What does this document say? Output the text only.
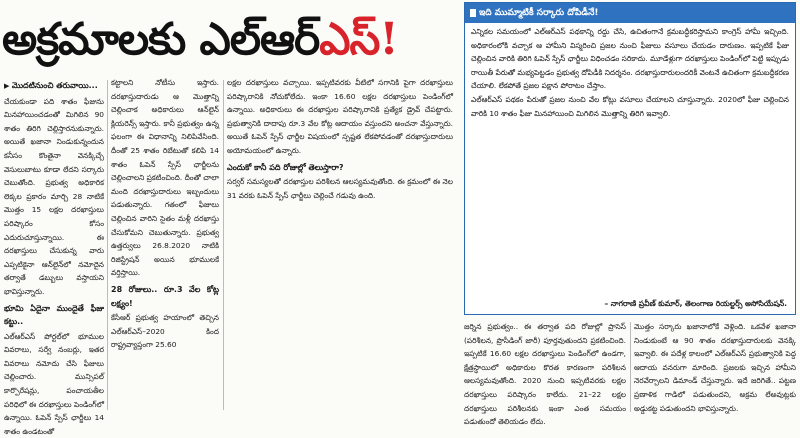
అక్రమాలకు ఎల్‌ఆర్‌ఎస్!
▶ మొదటినుంచి తరువాయి...

చేయకుండా పది శాతం ఫీజును మినహాయించడంతో మిగిలిన 90 శాతం తిరిగి చెల్లిస్తారనుకున్నారు. అయితే ఖజానా నిండుకున్నందున కనీసం కొంతైనా వెనక్కిచ్చే వెసులుబాటు కూడా లేదని సర్కారు చెబుతోంది. ప్రభుత్వ అధికారిక లెక్కల ప్రకారం మార్చి 28 నాటికే మొత్తం 15 లక్షల దరఖాస్తులు పరిష్కారం కోసం ఎదురుచూస్తున్నాయి. ఈ దరఖాస్తులు చేసుకున్న వారు ఎప్పటికైనా ఆన్‌లైన్‌లో నమోదైన తర్వాతే డబ్బులు వస్తాయని భావిస్తున్నారు.

భూమి ఏదైనా ముందైతే ఫీజు కట్టు..

ఎల్‌ఆర్‌ఎస్ పోర్టల్‌లో భూముల వివరాలు, సర్వే నంబర్లు, ఇతర వివరాలు నమోదు చేసి ఫీజులు చెల్లించారు. మున్సిపల్ కార్పొరేషన్లు, పంచాయతీల పరిధిలో ఈ దరఖాస్తులు పెండింగ్‌లో ఉన్నాయి. ఓపెన్ స్పేస్ ఛార్జీలు 14 శాతం ఉండటంతో

కట్టాలని నోటీసు ఇస్తారు. దరఖాస్తుదారుడు ఆ మొత్తాన్ని చెల్లించాక అధికారులు ఆన్‌లైన్ క్లియరెన్స్ ఇస్తారు. కానీ ప్రభుత్వం ఉన్న ఫలంగా ఈ విధానాన్ని నిలిపివేసింది. దీంతో 25 శాతం రిబేటుతో కలిపి 14 శాతం ఓపెన్ స్పేస్ ఛార్జీలను చెల్లించాలని ప్రకటించింది. దీంతో చాలా మంది దరఖాస్తుదారులు ఇబ్బందులు పడుతున్నారు. గతంలో ఫీజులు చెల్లించిన వారిని సైతం మళ్లీ దరఖాస్తు చేసుకోమని చెబుతున్నారు. ప్రభుత్వ ఉత్తర్వులు 26.8.2020 నాటికి రిజిస్ట్రేషన్ అయిన భూములకే వర్తిస్తాయి.

28 రోజులు.. రూ.3 వేల కోట్ల లక్ష్యం!

కేసీఆర్ ప్రభుత్వ హయాంలో తెచ్చిన ఎల్‌ఆర్‌ఎస్–2020 కింద రాష్ట్రవ్యాప్తంగా 25.60

లక్షల దరఖాస్తులు వచ్చాయి. ఇప్పటివరకు వీటిలో సగానికి పైగా దరఖాస్తులు పరిష్కారానికి నోచుకోలేదు. ఇంకా 16.60 లక్షల దరఖాస్తులు పెండింగ్‌లో ఉన్నాయి. అధికారులు ఈ దరఖాస్తుల పరిష్కారానికి ప్రత్యేక డ్రైవ్ చేపట్టారు. ప్రభుత్వానికి దాదాపు రూ.3 వేల కోట్ల ఆదాయం వస్తుందని అంచనా వేస్తున్నారు. అయితే ఓపెన్ స్పేస్ ఛార్జీల విషయంలో స్పష్టత లేకపోవడంతో దరఖాస్తుదారులు అయోమయంలో ఉన్నారు.

ఎందుకో కానీ పది రోజుల్లో తెలుస్తారా?

సర్వర్ సమస్యలతో దరఖాస్తుల పరిశీలన ఆలస్యమవుతోంది. ఈ క్రమంలో ఈ నెల 31 వరకు ఓపెన్ స్పేస్ ఛార్జీలు చెల్లించే గడువు ఉంది.

ఇది ముమ్మాటికీ సర్కారు దోపిడీనే!

ఎన్నికల సమయంలో ఎల్‌ఆర్‌ఎస్ పథకాన్ని రద్దు చేసి, ఉచితంగానే క్రమబద్ధీకరిస్తామని కాంగ్రెస్ హామీ ఇచ్చింది. అధికారంలోకి వచ్చాక ఆ హామీని విస్మరించి ప్రజల నుంచి ఫీజులు వసూలు చేయడం దారుణం. ఇప్పటికే ఫీజు చెల్లించిన వారికి తిరిగి ఓపెన్ స్పేస్ ఛార్జీలు విధించడం సరికాదు. మూడేళ్లుగా దరఖాస్తులు పెండింగ్‌లో పెట్టి ఇప్పుడు రాయితీ పేరుతో మభ్యపెట్టడం ప్రభుత్వ దోపిడీకి నిదర్శనం. దరఖాస్తుదారులందరికీ వెంటనే ఉచితంగా క్రమబద్ధీకరణ చేయాలి. లేకపోతే ప్రజల పక్షాన పోరాటం చేస్తాం.

ఎల్‌ఆర్‌ఎస్ పథకం పేరుతో ప్రజల నుంచి వేల కోట్లు వసూలు చేయాలని చూస్తున్నారు. 2020లో ఫీజు చెల్లించిన వారికి 10 శాతం ఫీజు మినహాయించి మిగిలిన మొత్తాన్ని తిరిగి ఇవ్వాలి.

– నాగరాణి ప్రవీణ్ కుమార్, తెలంగాణ రియల్టర్స్ అసోసియేషన్.

జర్నిన ప్రభుత్వం.. ఈ తర్వాత పది రోజుల్లో ప్రాసెస్ (పరిశీలన, ప్రొసీడింగ్ జారీ) పూర్తవుతుందని ప్రకటించింది. ఇప్పటికే 16.60 లక్షల దరఖాస్తులు పెండింగ్‌లో ఉండగా, క్షేత్రస్థాయిలో అధికారుల కొరత కారణంగా పరిశీలన ఆలస్యమవుతోంది. 2020 నుంచి ఇప్పటివరకు లక్షల దరఖాస్తులు పరిష్కారం కాలేదు. 21–22 లక్షల దరఖాస్తులు పరిశీలనకు ఇంకా ఎంత సమయం పడుతుందో తెలియడం లేదు.

మొత్తం సర్కారు ఖజానాలోకే వెళ్లింది. ఒకవేళ ఖజానా నిండుకుంటే ఆ 90 శాతం దరఖాస్తుదారులకు వెనక్కి ఇవ్వాలి. ఈ పదేళ్ల కాలంలో ఎల్‌ఆర్‌ఎస్ ప్రభుత్వానికి పెద్ద ఆదాయ వనరుగా మారింది. ప్రజలకు ఇచ్చిన హామీని నెరవేర్చాలని డిమాండ్ చేస్తున్నారు. ఇదే జరిగితే.. పట్టణ ప్రణాళిక గాడిలో పడుతుందని, అక్రమ లేఅవుట్లకు అడ్డుకట్ట పడుతుందని భావిస్తున్నారు.
